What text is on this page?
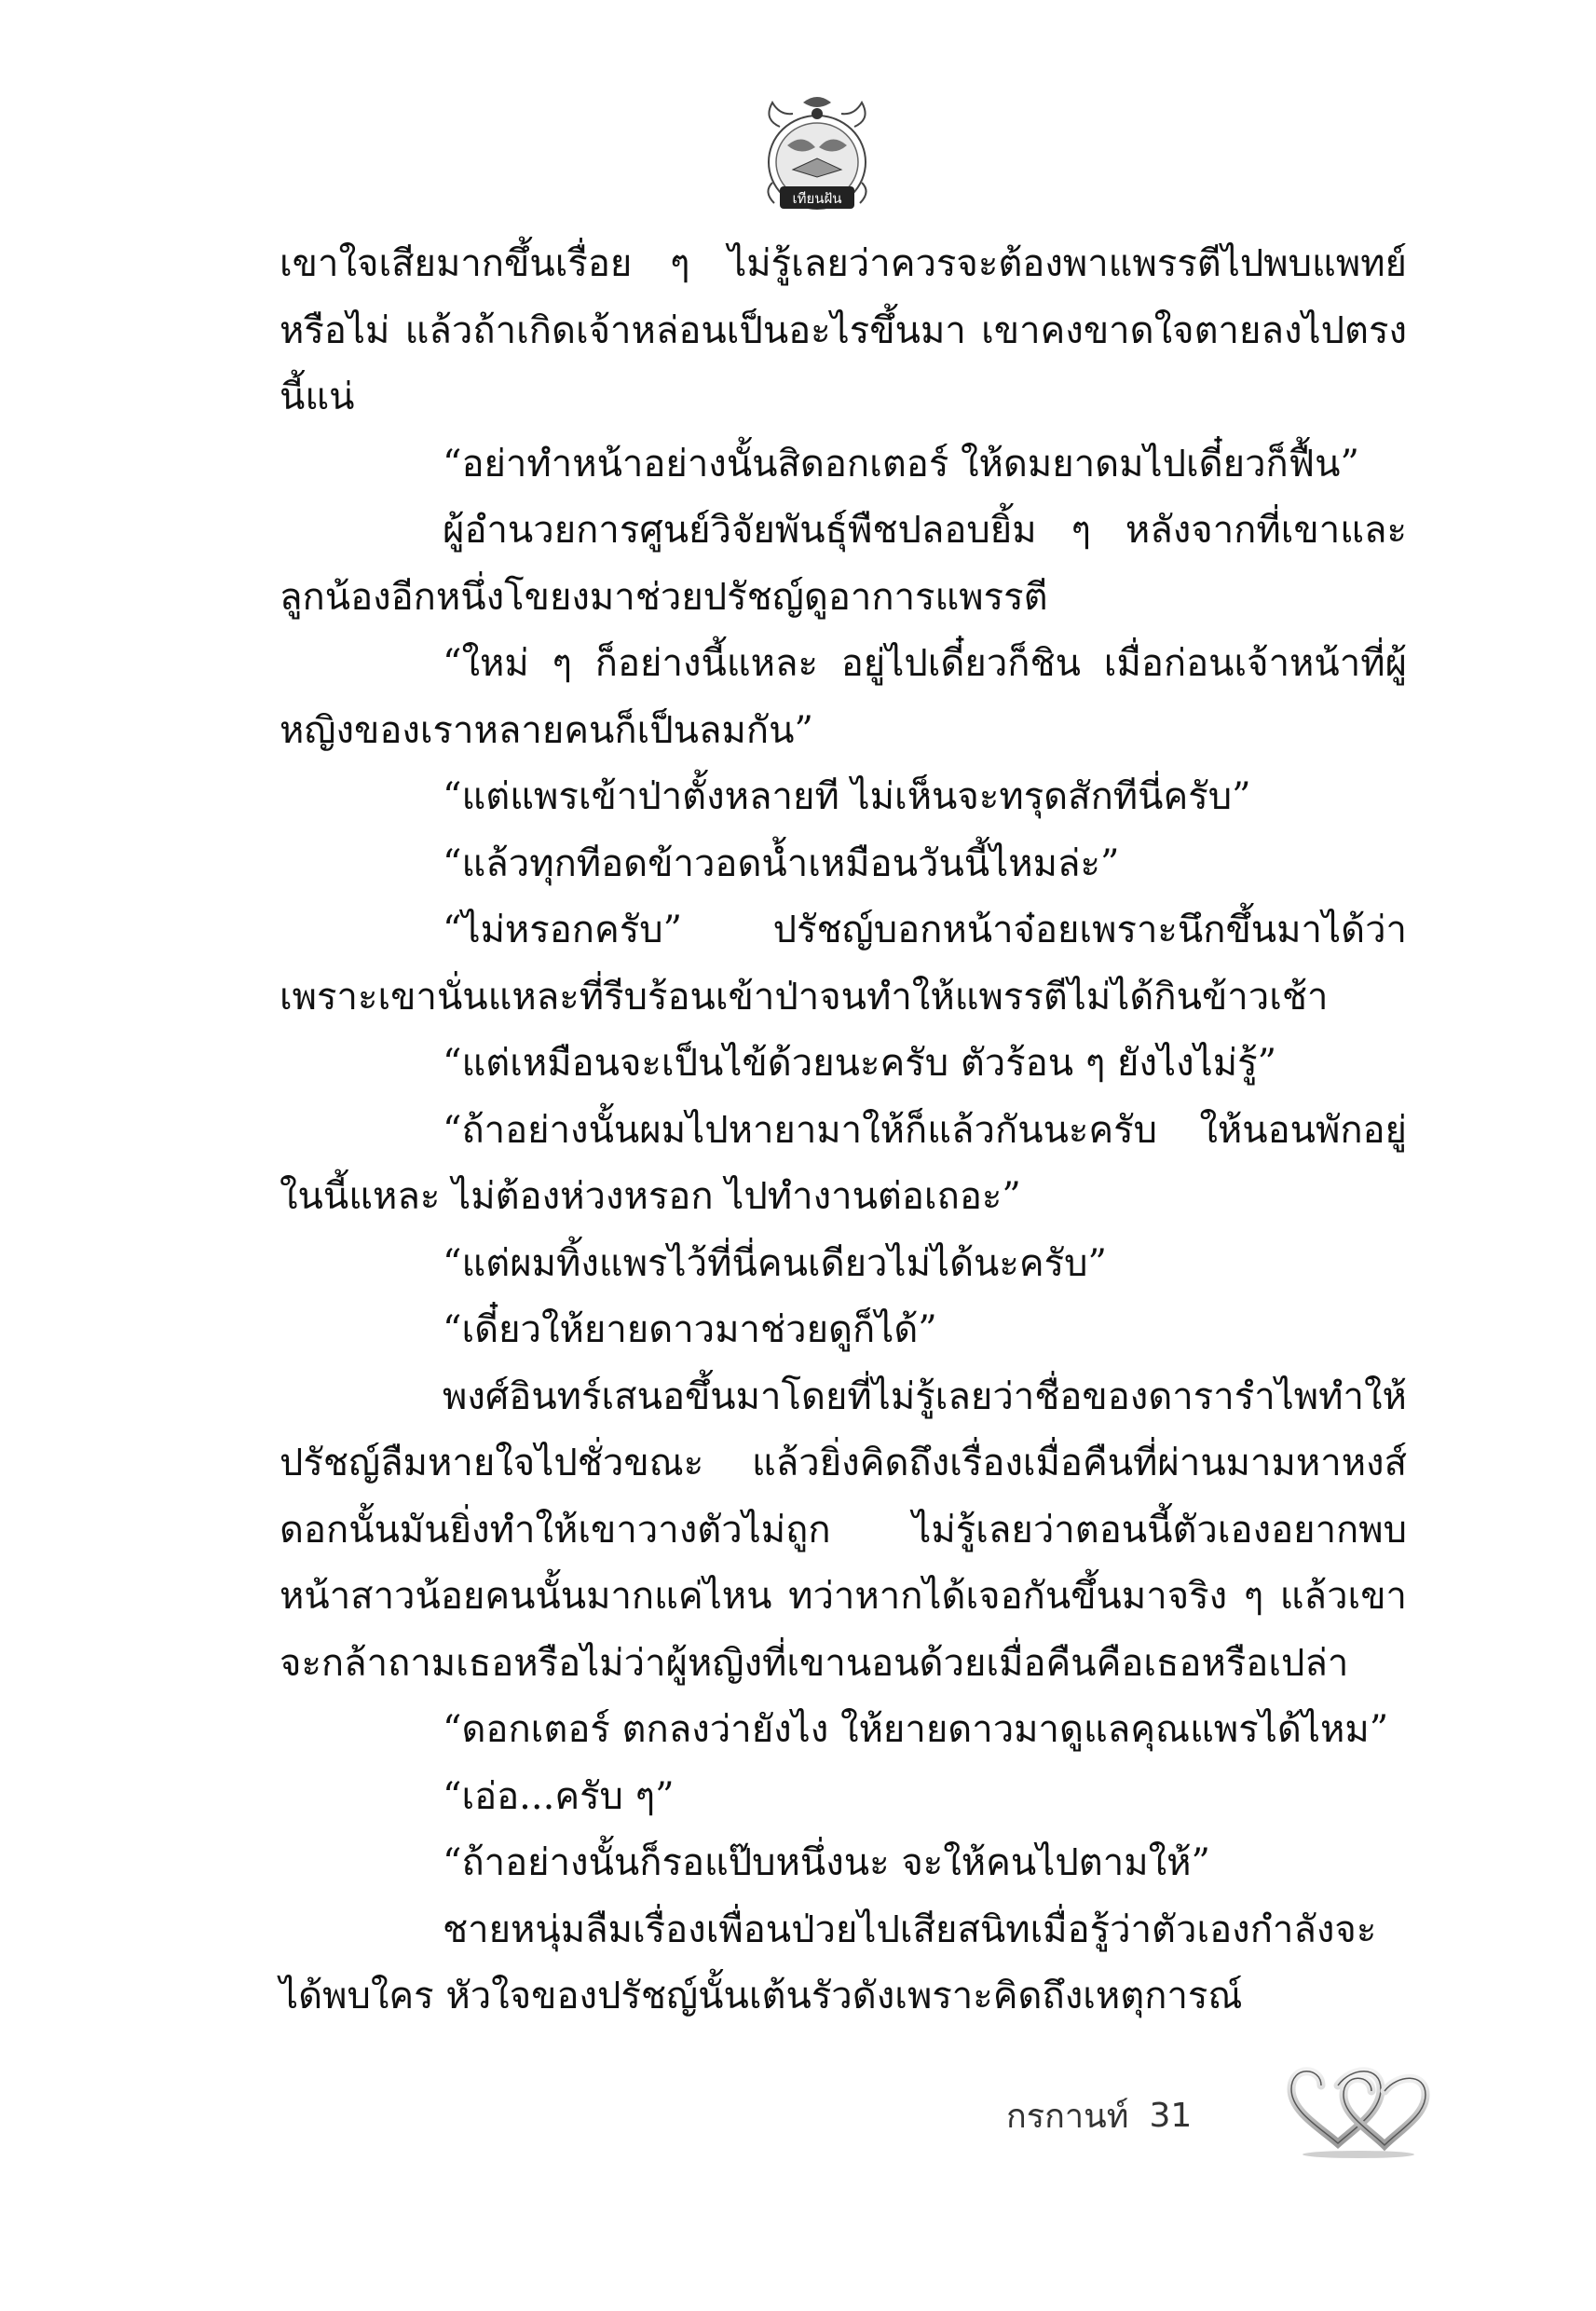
เทียนฝัน

เขาใจเสียมากขึ้นเรื่อย ๆ ไม่รู้เลยว่าควรจะต้องพาแพรรตีไปพบแพทย์หรือไม่ แล้วถ้าเกิดเจ้าหล่อนเป็นอะไรขึ้นมา เขาคงขาดใจตายลงไปตรงนี้แน่

“อย่าทำหน้าอย่างนั้นสิดอกเตอร์ ให้ดมยาดมไปเดี๋ยวก็ฟื้น”

ผู้อำนวยการศูนย์วิจัยพันธุ์พืชปลอบยิ้ม ๆ หลังจากที่เขาและลูกน้องอีกหนึ่งโขยงมาช่วยปรัชญ์ดูอาการแพรรตี

“ใหม่ ๆ ก็อย่างนี้แหละ อยู่ไปเดี๋ยวก็ชิน เมื่อก่อนเจ้าหน้าที่ผู้หญิงของเราหลายคนก็เป็นลมกัน”

“แต่แพรเข้าป่าตั้งหลายที ไม่เห็นจะทรุดสักทีนี่ครับ”

“แล้วทุกทีอดข้าวอดน้ำเหมือนวันนี้ไหมล่ะ”

“ไม่หรอกครับ” ปรัชญ์บอกหน้าจ๋อยเพราะนึกขึ้นมาได้ว่าเพราะเขานั่นแหละที่รีบร้อนเข้าป่าจนทำให้แพรรตีไม่ได้กินข้าวเช้า

“แต่เหมือนจะเป็นไข้ด้วยนะครับ ตัวร้อน ๆ ยังไงไม่รู้”

“ถ้าอย่างนั้นผมไปหายามาให้ก็แล้วกันนะครับ ให้นอนพักอยู่ในนี้แหละ ไม่ต้องห่วงหรอก ไปทำงานต่อเถอะ”

“แต่ผมทิ้งแพรไว้ที่นี่คนเดียวไม่ได้นะครับ”

“เดี๋ยวให้ยายดาวมาช่วยดูก็ได้”

พงศ์อินทร์เสนอขึ้นมาโดยที่ไม่รู้เลยว่าชื่อของดารารำไพทำให้ปรัชญ์ลืมหายใจไปชั่วขณะ แล้วยิ่งคิดถึงเรื่องเมื่อคืนที่ผ่านมามหาหงส์ดอกนั้นมันยิ่งทำให้เขาวางตัวไม่ถูก ไม่รู้เลยว่าตอนนี้ตัวเองอยากพบหน้าสาวน้อยคนนั้นมากแค่ไหน ทว่าหากได้เจอกันขึ้นมาจริง ๆ แล้วเขาจะกล้าถามเธอหรือไม่ว่าผู้หญิงที่เขานอนด้วยเมื่อคืนคือเธอหรือเปล่า

“ดอกเตอร์ ตกลงว่ายังไง ให้ยายดาวมาดูแลคุณแพรได้ไหม”

“เอ่อ...ครับ ๆ”

“ถ้าอย่างนั้นก็รอแป๊บหนึ่งนะ จะให้คนไปตามให้”

ชายหนุ่มลืมเรื่องเพื่อนป่วยไปเสียสนิทเมื่อรู้ว่าตัวเองกำลังจะได้พบใคร หัวใจของปรัชญ์นั้นเต้นรัวดังเพราะคิดถึงเหตุการณ์

กรกานท์ 31
